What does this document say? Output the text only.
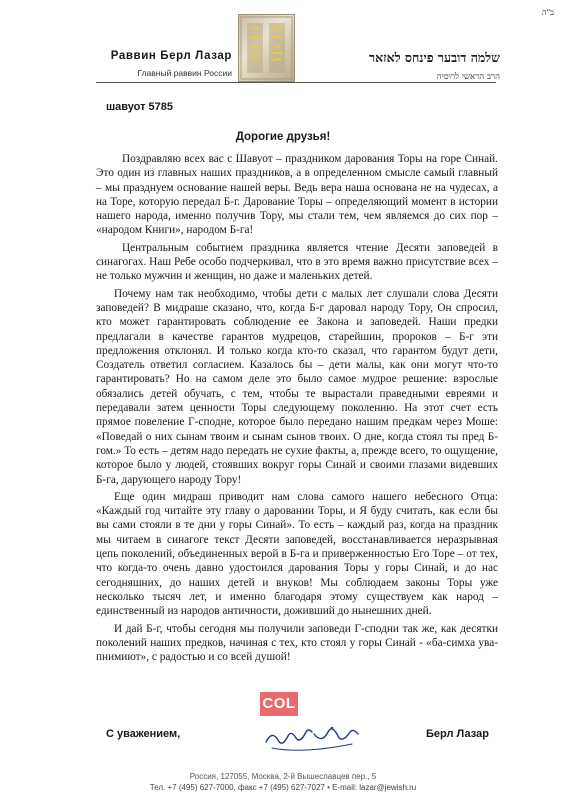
ב"ה
Раввин Берл Лазар
Главный раввин России
שלמה דובער פינחס לאזאר
הרב הראשי לרוסיה
шавуот 5785
Дорогие друзья!

Поздравляю всех вас с Шавуот – праздником дарования Торы на горе Синай. Это один из главных наших праздников, а в определенном смысле самый главный – мы празднуем основание нашей веры. Ведь вера наша основана не на чудесах, а на Торе, которую передал Б-г. Дарование Торы – определяющий момент в истории нашего народа, именно получив Тору, мы стали тем, чем являемся до сих пор – «народом Книги», народом Б-га!

Центральным событием праздника является чтение Десяти заповедей в синагогах. Наш Ребе особо подчеркивал, что в это время важно присутствие всех – не только мужчин и женщин, но даже и маленьких детей.

Почему нам так необходимо, чтобы дети с малых лет слушали слова Десяти заповедей? В мидраше сказано, что, когда Б-г даровал народу Тору, Он спросил, кто может гарантировать соблюдение ее Закона и заповедей. Наши предки предлагали в качестве гарантов мудрецов, старейшин, пророков – Б-г эти предложения отклонял. И только когда кто-то сказал, что гарантом будут дети, Создатель ответил согласием. Казалось бы – дети малы, как они могут что-то гарантировать? Но на самом деле это было самое мудрое решение: взрослые обязались детей обучать, с тем, чтобы те вырастали праведными евреями и передавали затем ценности Торы следующему поколению. На этот счет есть прямое повеление Г-сподне, которое было передано нашим предкам через Моше: «Поведай о них сынам твоим и сынам сынов твоих. О дне, когда стоял ты пред Б-гом.» То есть – детям надо передать не сухие факты, а, прежде всего, то ощущение, которое было у людей, стоявших вокруг горы Синай и своими глазами видевших Б-га, дарующего народу Тору!

Еще один мидраш приводит нам слова самого нашего небесного Отца: «Каждый год читайте эту главу о даровании Торы, и Я буду считать, как если бы вы сами стояли в те дни у горы Синай». То есть – каждый раз, когда на праздник мы читаем в синагоге текст Десяти заповедей, восстанавливается неразрывная цепь поколений, объединенных верой в Б-га и приверженностью Его Торе – от тех, что когда-то очень давно удостоился дарования Торы у горы Синай, и до нас сегодняшних, до наших детей и внуков! Мы соблюдаем законы Торы уже несколько тысяч лет, и именно благодаря этому существуем как народ – единственный из народов античности, доживший до нынешних дней.

И дай Б-г, чтобы сегодня мы получили заповеди Г-сподни так же, как десятки поколений наших предков, начиная с тех, кто стоял у горы Синай - «ба-симха ува-пнимиют», с радостью и со всей душой!

COL
С уважением,	Берл Лазар
Россия, 127055, Москва, 2-й Вышеславцев пер., 5
Тел. +7 (495) 627-7000, факс +7 (495) 627-7027 • E-mail: lazar@jewish.ru
